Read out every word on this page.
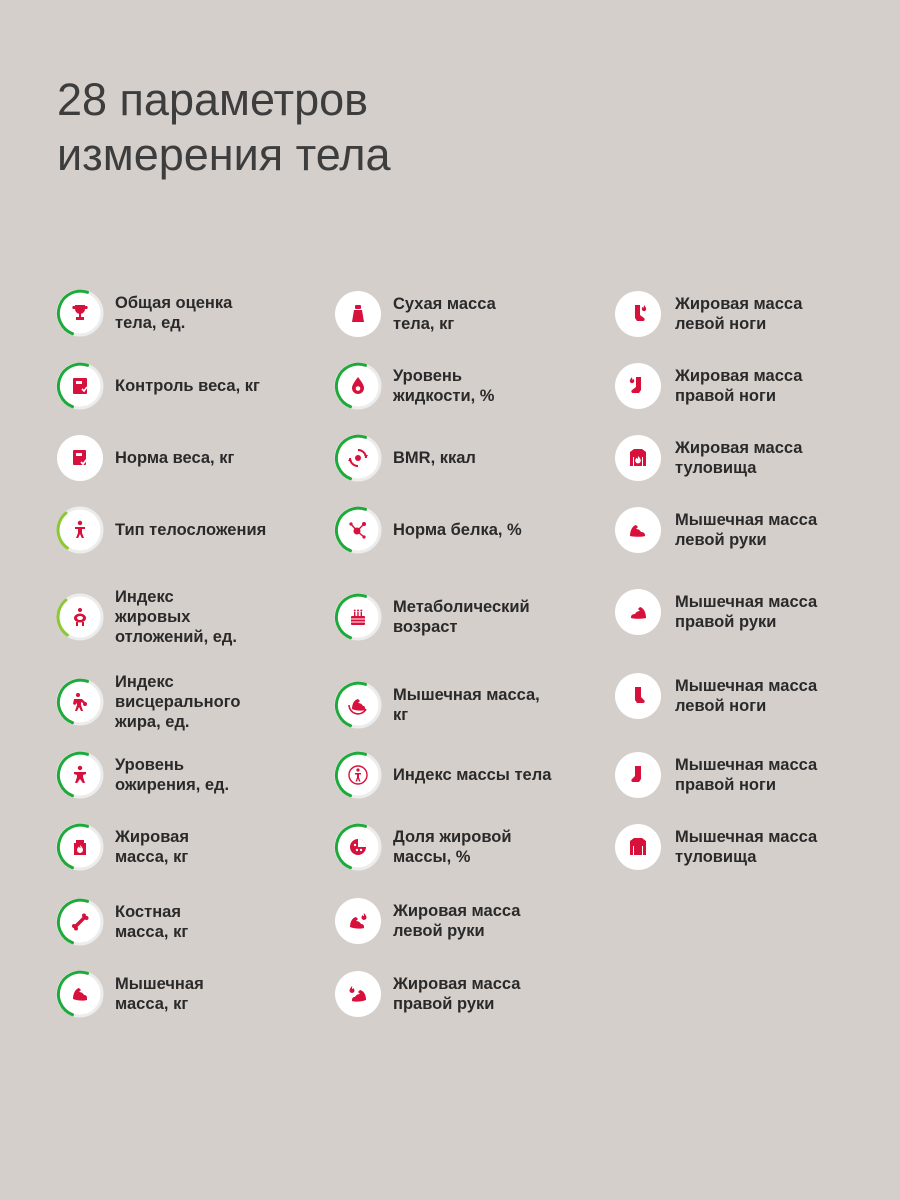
28 параметров
измерения тела
Общая оценка
тела, ед.
Контроль веса, кг
Норма веса, кг
Тип телосложения
Индекс
жировых
отложений, ед.
Индекс
висцерального
жира, ед.
Уровень
ожирения, ед.
Жировая
масса, кг
Костная
масса, кг
Мышечная
масса, кг
Сухая масса
тела, кг
Уровень
жидкости, %
BMR, ккал
Норма белка, %
Метаболический
возраст
Мышечная масса,
кг
Индекс массы тела
Доля жировой
массы, %
Жировая масса
левой руки
Жировая масса
правой руки
Жировая масса
левой ноги
Жировая масса
правой ноги
Жировая масса
туловища
Мышечная масса
левой руки
Мышечная масса
правой руки
Мышечная масса
левой ноги
Мышечная масса
правой ноги
Мышечная масса
туловища
